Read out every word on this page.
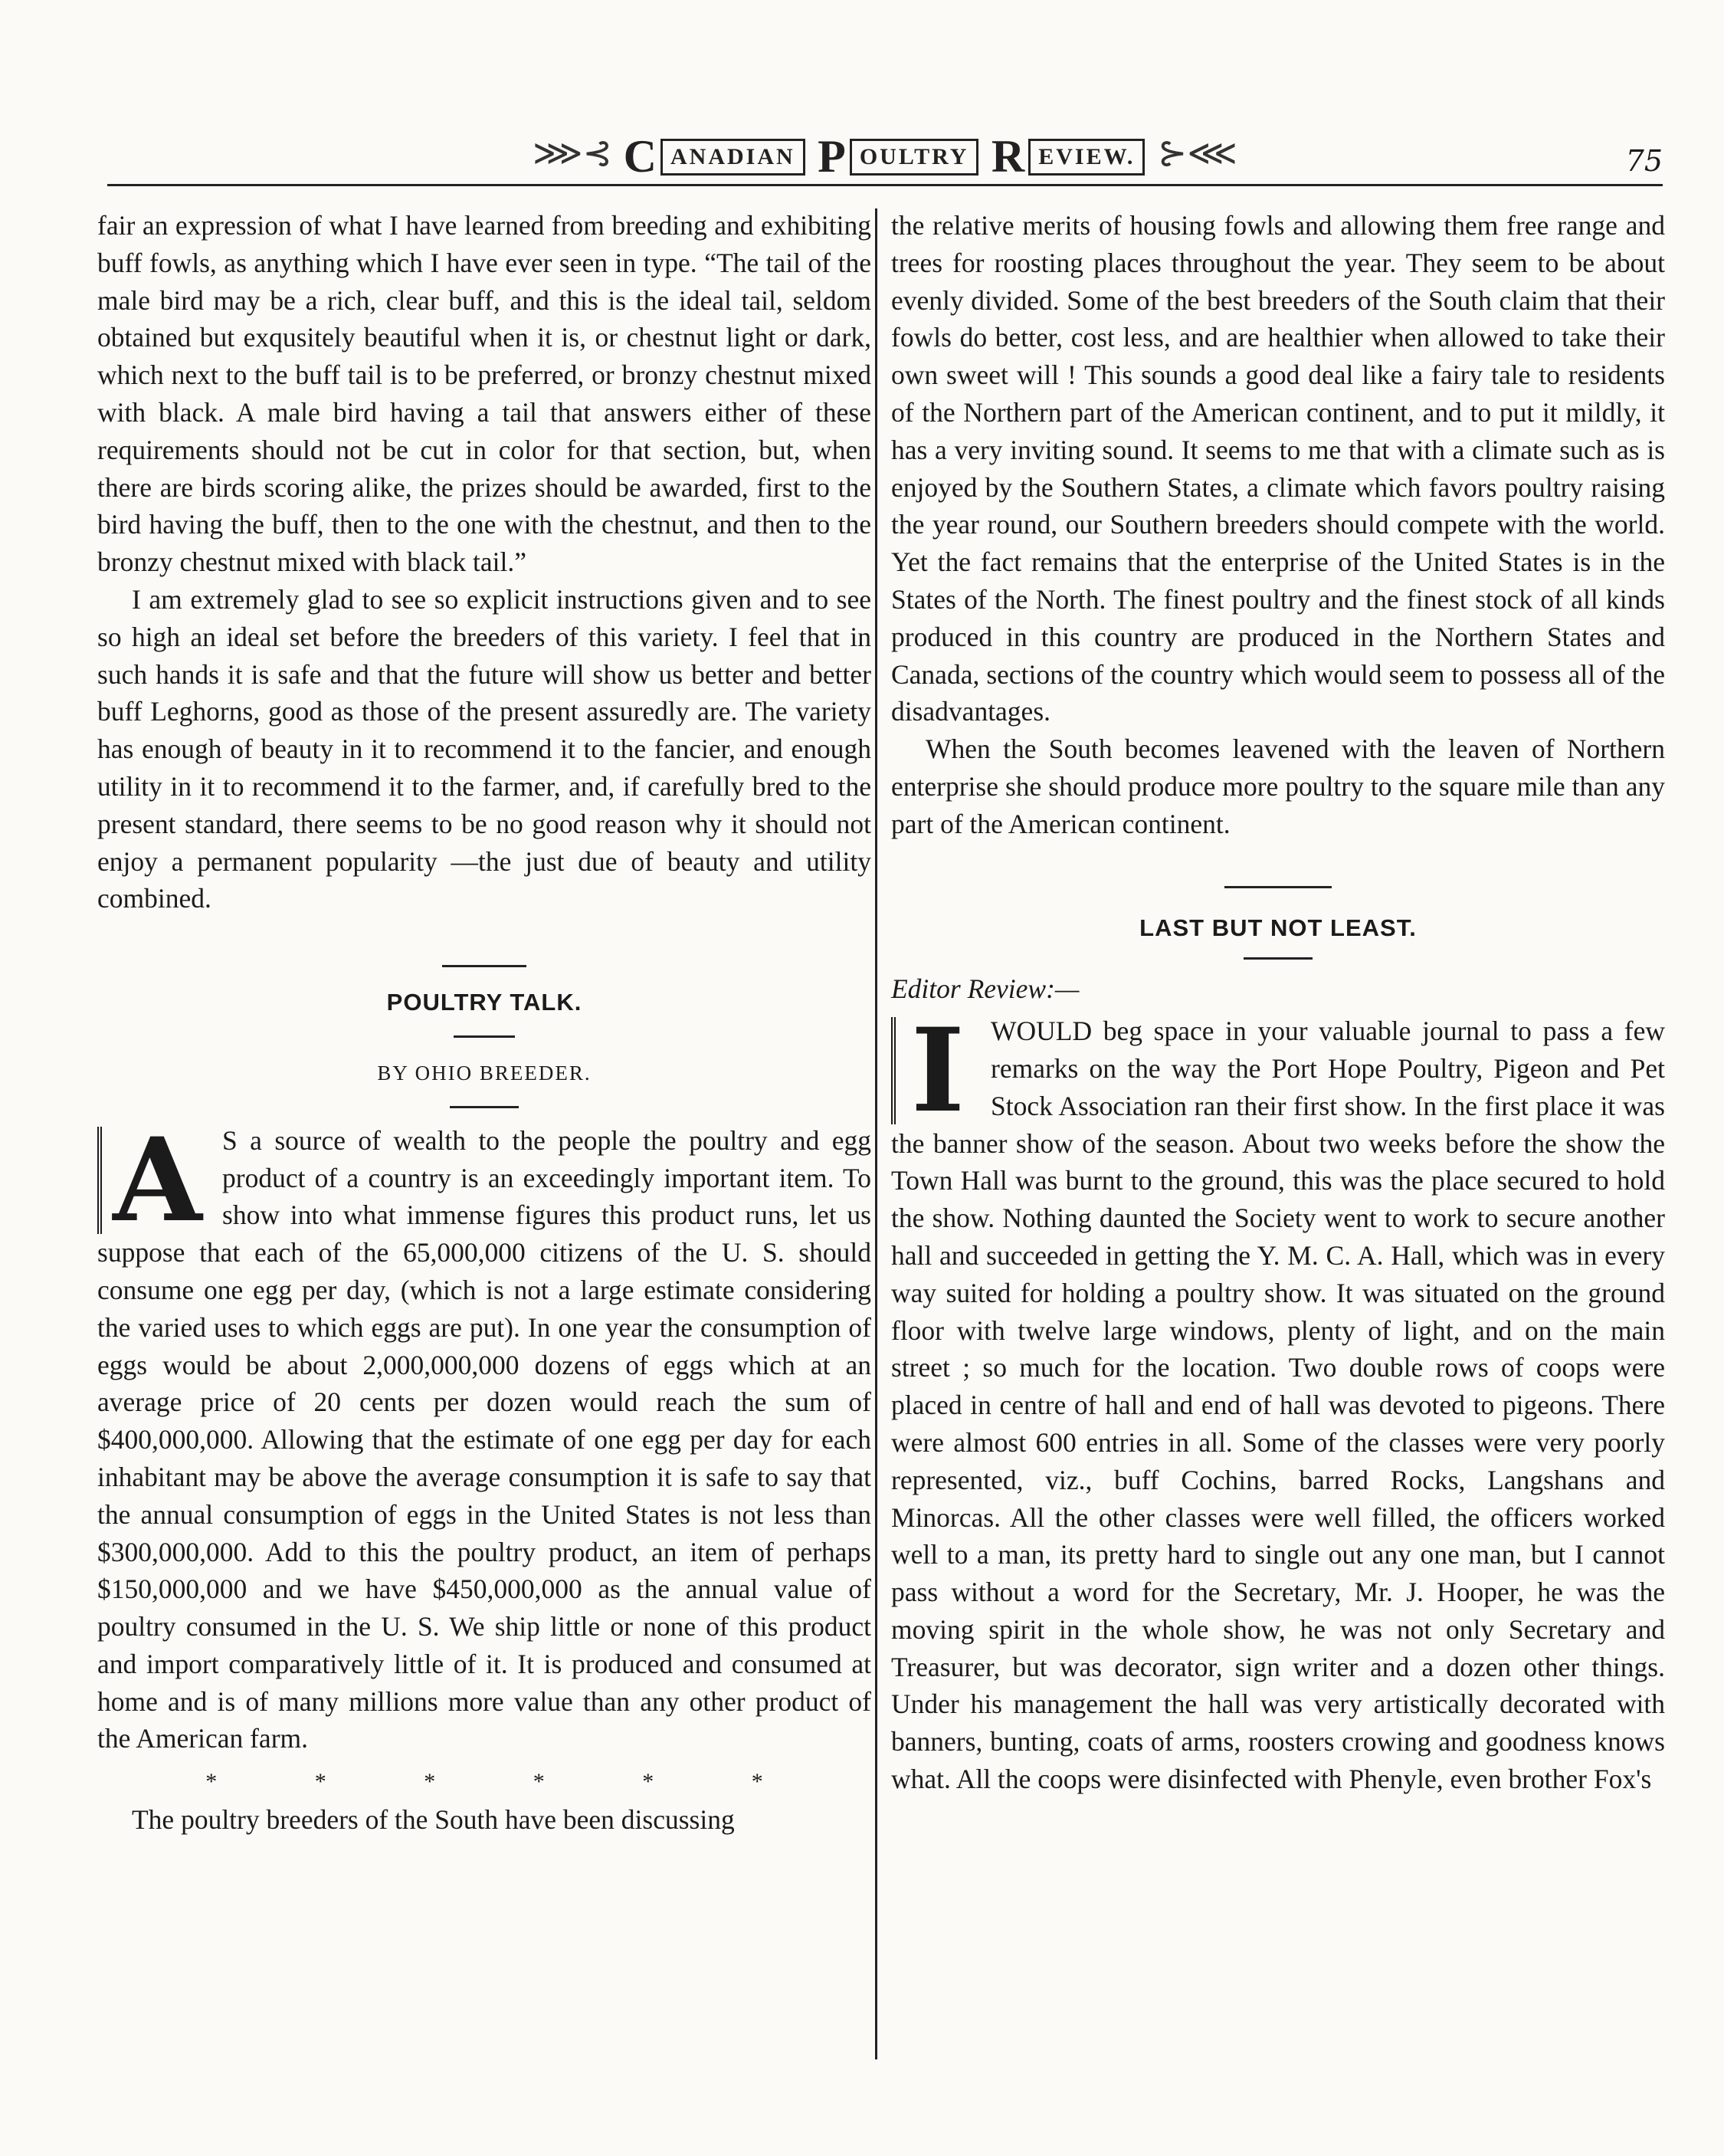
⋙⊰ C ANADIAN P OULTRY R EVIEW. ⊱⋘	75

fair an expression of what I have learned from breeding and exhibiting buff fowls, as anything which I have ever seen in type. “The tail of the male bird may be a rich, clear buff, and this is the ideal tail, seldom obtained but exqusitely beautiful when it is, or chestnut light or dark, which next to the buff tail is to be preferred, or bronzy chestnut mixed with black. A male bird having a tail that answers either of these requirements should not be cut in color for that section, but, when there are birds scoring alike, the prizes should be awarded, first to the bird having the buff, then to the one with the chestnut, and then to the bronzy chestnut mixed with black tail.”

I am extremely glad to see so explicit instructions given and to see so high an ideal set before the breeders of this variety. I feel that in such hands it is safe and that the future will show us better and better buff Leghorns, good as those of the present assuredly are. The variety has enough of beauty in it to recommend it to the fancier, and enough utility in it to recommend it to the farmer, and, if carefully bred to the present standard, there seems to be no good reason why it should not enjoy a permanent popularity —the just due of beauty and utility combined.

POULTRY TALK.
BY OHIO BREEDER.
A S a source of wealth to the people the poultry and egg product of a country is an exceedingly important item. To show into what immense figures this product runs, let us suppose that each of the 65,000,000 citizens of the U. S. should consume one egg per day, (which is not a large estimate considering the varied uses to which eggs are put). In one year the consumption of eggs would be about 2,000,000,000 dozens of eggs which at an average price of 20 cents per dozen would reach the sum of $400,000,000. Allowing that the estimate of one egg per day for each inhabitant may be above the average consumption it is safe to say that the annual consumption of eggs in the United States is not less than $300,000,000. Add to this the poultry product, an item of perhaps $150,000,000 and we have $450,000,000 as the annual value of poultry consumed in the U. S. We ship little or none of this product and import comparatively little of it. It is produced and consumed at home and is of many millions more value than any other product of the American farm.

* * * * * *

The poultry breeders of the South have been discussing

the relative merits of housing fowls and allowing them free range and trees for roosting places throughout the year. They seem to be about evenly divided. Some of the best breeders of the South claim that their fowls do better, cost less, and are healthier when allowed to take their own sweet will ! This sounds a good deal like a fairy tale to residents of the Northern part of the American continent, and to put it mildly, it has a very inviting sound. It seems to me that with a climate such as is enjoyed by the Southern States, a climate which favors poultry raising the year round, our Southern breeders should compete with the world. Yet the fact remains that the enterprise of the United States is in the States of the North. The finest poultry and the finest stock of all kinds produced in this country are produced in the Northern States and Canada, sections of the country which would seem to possess all of the disadvantages.

When the South becomes leavened with the leaven of Northern enterprise she should produce more poultry to the square mile than any part of the American continent.

LAST BUT NOT LEAST.

Editor Review:—

I WOULD beg space in your valuable journal to pass a few remarks on the way the Port Hope Poultry, Pigeon and Pet Stock Association ran their first show. In the first place it was the banner show of the season. About two weeks before the show the Town Hall was burnt to the ground, this was the place secured to hold the show. Nothing daunted the Society went to work to secure another hall and succeeded in getting the Y. M. C. A. Hall, which was in every way suited for holding a poultry show. It was situated on the ground floor with twelve large windows, plenty of light, and on the main street ; so much for the location. Two double rows of coops were placed in centre of hall and end of hall was devoted to pigeons. There were almost 600 entries in all. Some of the classes were very poorly represented, viz., buff Cochins, barred Rocks, Langshans and Minorcas. All the other classes were well filled, the officers worked well to a man, its pretty hard to single out any one man, but I cannot pass without a word for the Secretary, Mr. J. Hooper, he was the moving spirit in the whole show, he was not only Secretary and Treasurer, but was decorator, sign writer and a dozen other things. Under his management the hall was very artistically decorated with banners, bunting, coats of arms, roosters crowing and goodness knows what. All the coops were disinfected with Phenyle, even brother Fox's
